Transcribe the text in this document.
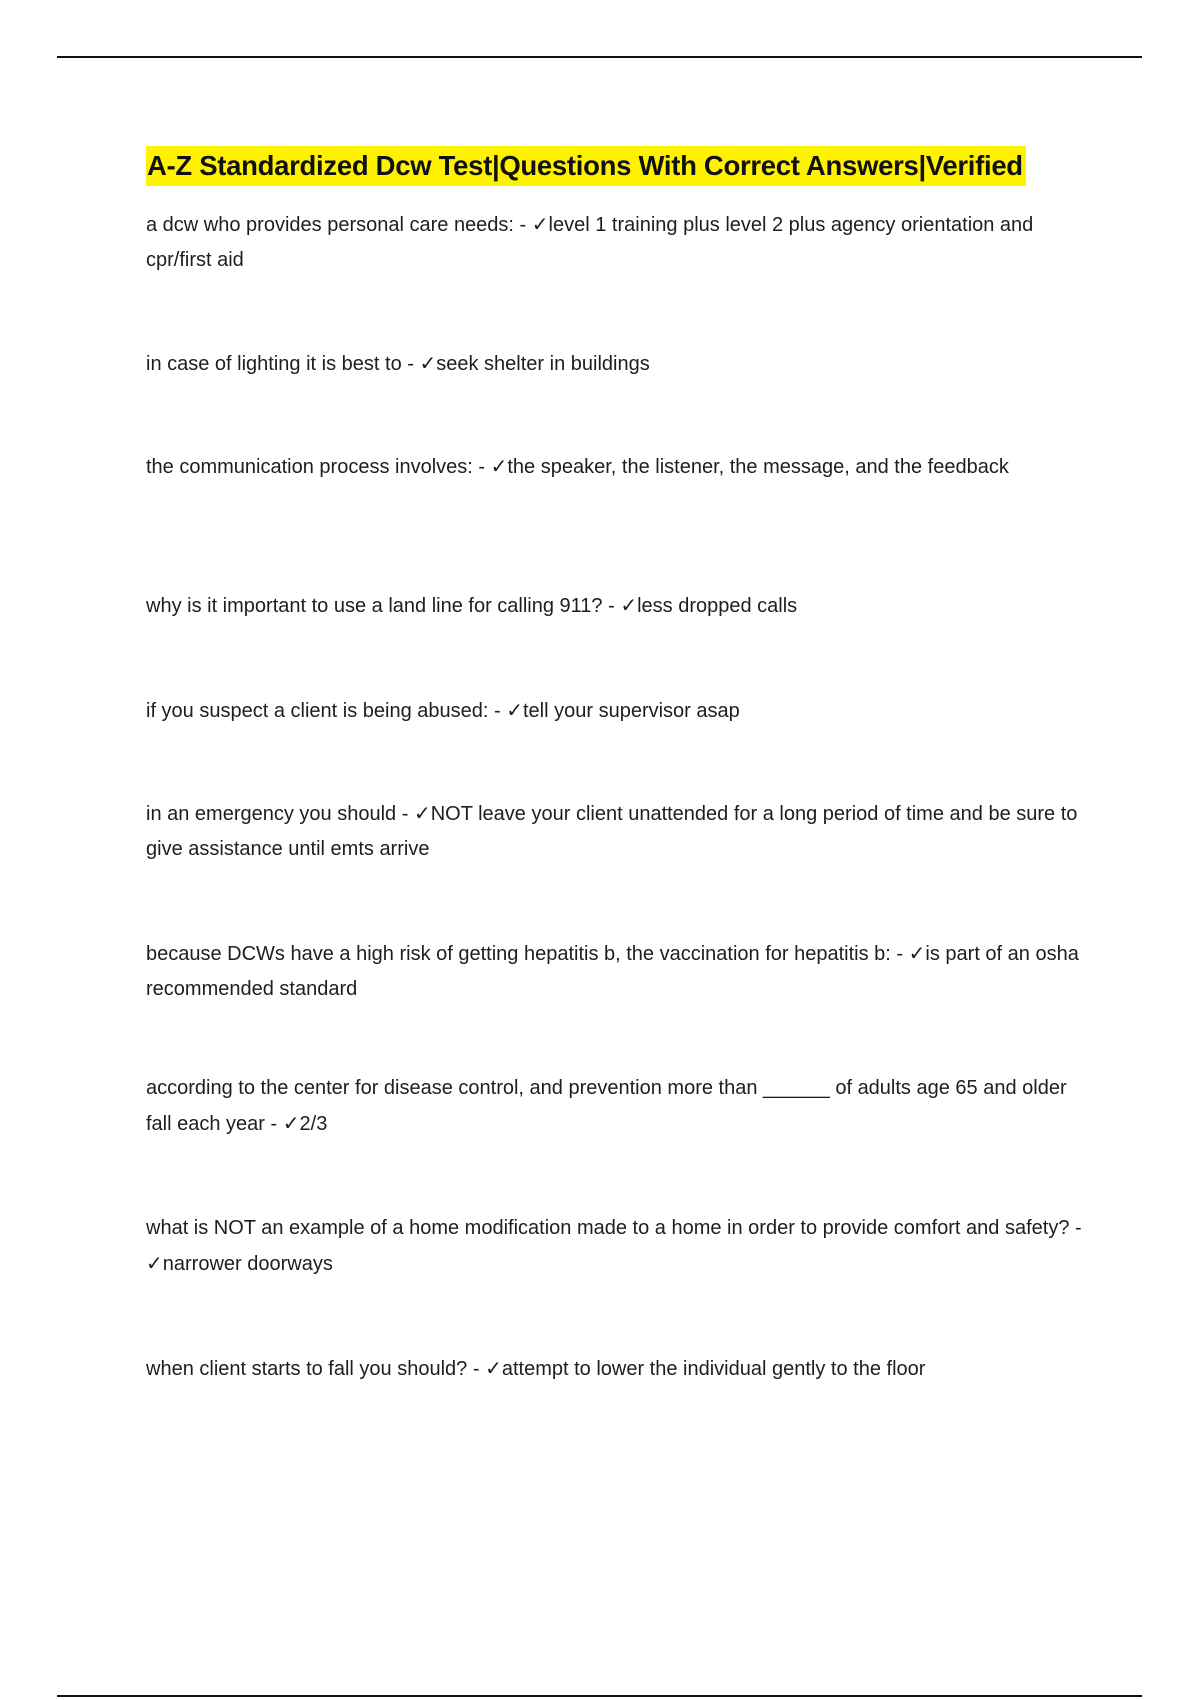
A-Z Standardized Dcw Test|Questions With Correct Answers|Verified
a dcw who provides personal care needs: - ✓level 1 training plus level 2 plus agency orientation and cpr/first aid
in case of lighting it is best to - ✓seek shelter in buildings
the communication process involves: - ✓the speaker, the listener, the message, and the feedback
why is it important to use a land line for calling 911? - ✓less dropped calls
if you suspect a client is being abused: - ✓tell your supervisor asap
in an emergency you should - ✓NOT leave your client unattended for a long period of time and be sure to give assistance until emts arrive
because DCWs have a high risk of getting hepatitis b, the vaccination for hepatitis b: - ✓is part of an osha recommended standard
according to the center for disease control, and prevention more than ______ of adults age 65 and older fall each year - ✓2/3
what is NOT an example of a home modification made to a home in order to provide comfort and safety? - ✓narrower doorways
when client starts to fall you should? - ✓attempt to lower the individual gently to the floor
